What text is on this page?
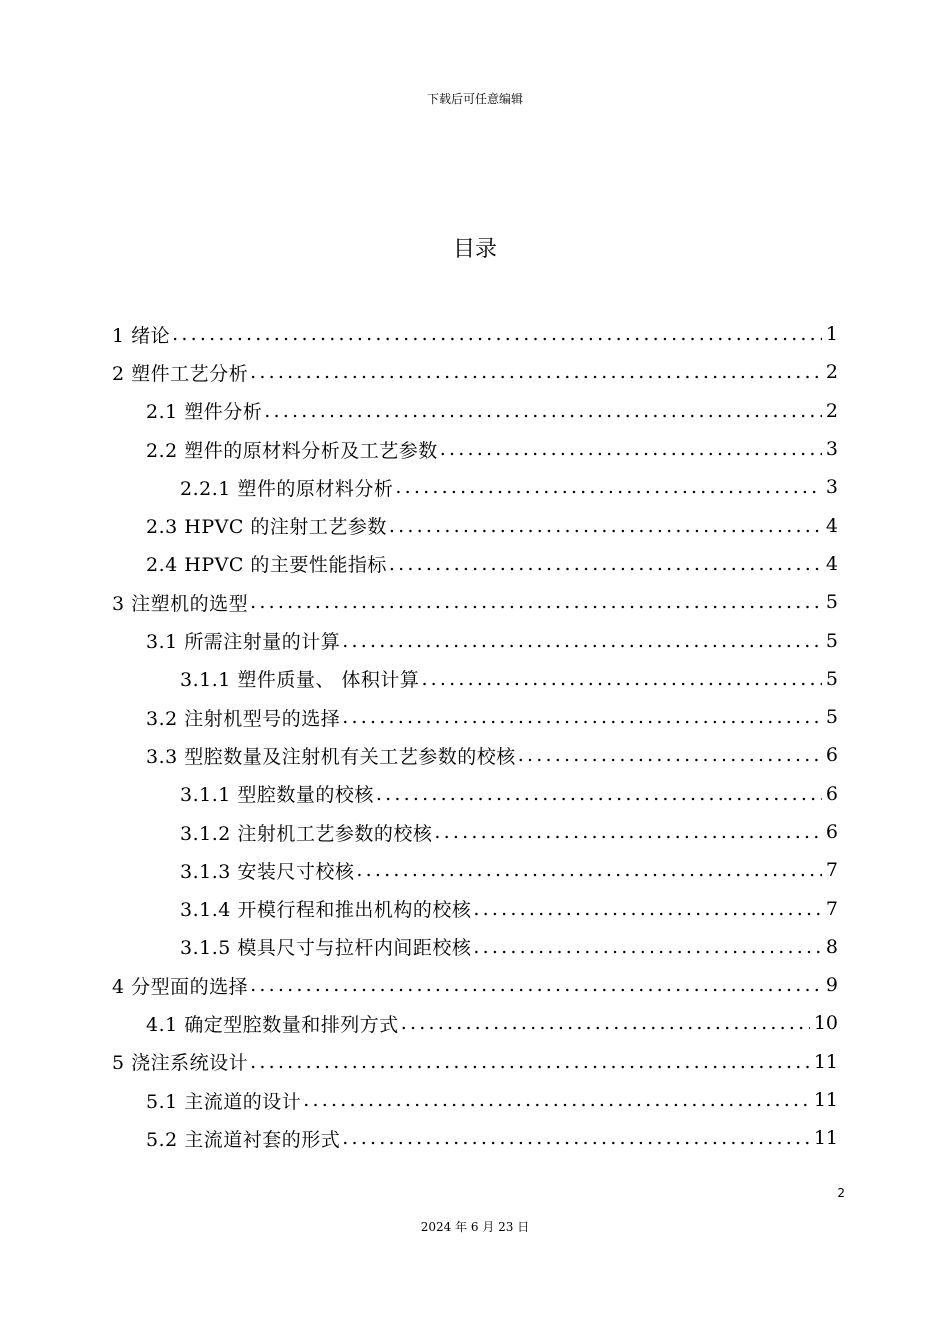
下载后可任意编辑
目录
1 绪论 .....	1
2 塑件工艺分析 .....	2
2.1 塑件分析 .....	2
2.2 塑件的原材料分析及工艺参数 .....	3
2.2.1 塑件的原材料分析 .....	3
2.3 HPVC 的注射工艺参数 .....	4
2.4 HPVC 的主要性能指标 .....	4
3 注塑机的选型 .....	5
3.1 所需注射量的计算 .....	5
3.1.1 塑件质量、 体积计算 .....	5
3.2 注射机型号的选择 .....	5
3.3 型腔数量及注射机有关工艺参数的校核 .....	6
3.1.1 型腔数量的校核 .....	6
3.1.2 注射机工艺参数的校核 .....	6
3.1.3 安装尺寸校核 .....	7
3.1.4 开模行程和推出机构的校核 .....	7
3.1.5 模具尺寸与拉杆内间距校核 .....	8
4 分型面的选择 .....	9
4.1 确定型腔数量和排列方式 .....	10
5 浇注系统设计 .....	11
5.1 主流道的设计 .....	11
5.2 主流道衬套的形式 .....	11
2
2024 年 6 月 23 日
